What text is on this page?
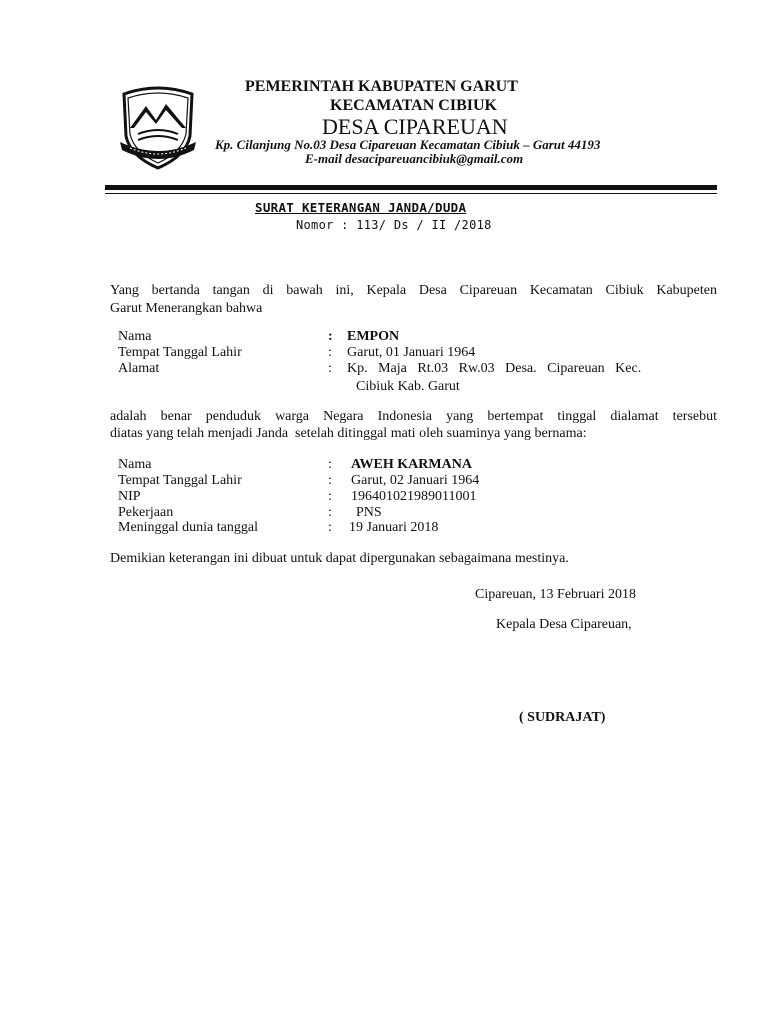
PEMERINTAH KABUPATEN GARUT
KECAMATAN CIBIUK
DESA CIPAREUAN
Kp. Cilanjung No.03 Desa Cipareuan Kecamatan Cibiuk – Garut 44193
E-mail desacipareuancibiuk@gmail.com
SURAT KETERANGAN JANDA/DUDA
Nomor : 113/ Ds / II /2018
Yang bertanda tangan di bawah ini, Kepala Desa Cipareuan Kecamatan Cibiuk Kabupeten
Garut Menerangkan bahwa
Nama	: EMPON
Tempat Tanggal Lahir	: Garut, 01 Januari 1964
Alamat	: Kp.   Maja   Rt.03   Rw.03   Desa.   Cipareuan   Kec.
Cibiuk Kab. Garut
adalah benar penduduk warga Negara Indonesia yang bertempat tinggal dialamat tersebut
diatas yang telah menjadi Janda  setelah ditinggal mati oleh suaminya yang bernama:
Nama	: AWEH KARMANA
Tempat Tanggal Lahir	: Garut, 02 Januari 1964
NIP	: 196401021989011001
Pekerjaan	: PNS
Meninggal dunia tanggal	: 19 Januari 2018
Demikian keterangan ini dibuat untuk dapat dipergunakan sebagaimana mestinya.
Cipareuan, 13 Februari 2018
Kepala Desa Cipareuan,
( SUDRAJAT)
